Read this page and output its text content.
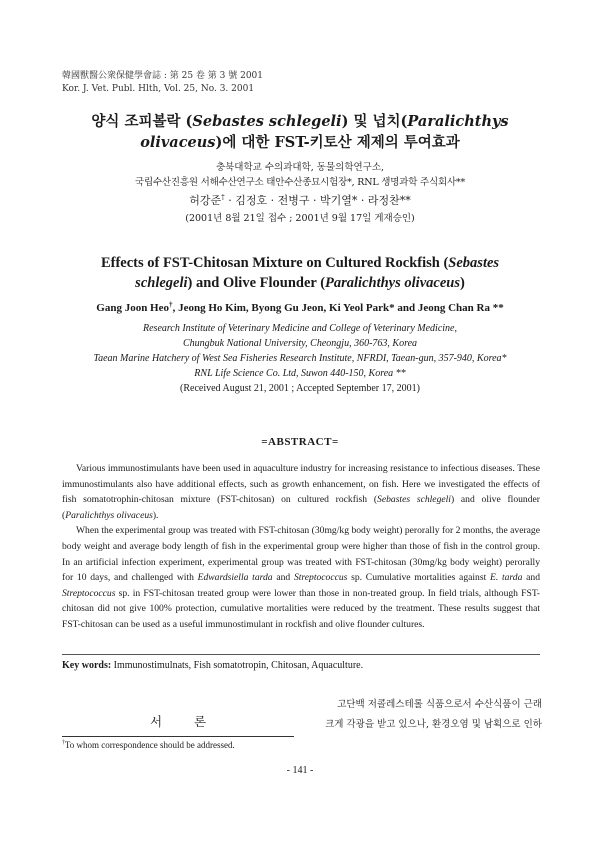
韓國獸醫公衆保健學會誌 : 第 25 卷 第 3 號 2001
Kor. J. Vet. Publ. Hlth, Vol. 25, No. 3. 2001
양식 조피볼락 (Sebastes schlegeli) 및 넙치(Paralichthys
olivaceus)에 대한 FST-키토산 제제의 투여효과
충북대학교 수의과대학, 동물의학연구소,
국립수산진흥원 서해수산연구소 태안수산종묘시험장*, RNL 생명과학 주식회사**
허강준† · 김정호 · 전병구 · 박기열* · 라정찬**
(2001년 8월 21일 접수 ; 2001년 9월 17일 게재승인)
Effects of FST-Chitosan Mixture on Cultured Rockfish (Sebastes
schlegeli) and Olive Flounder (Paralichthys olivaceus)
Gang Joon Heo†, Jeong Ho Kim, Byong Gu Jeon, Ki Yeol Park* and Jeong Chan Ra **
Research Institute of Veterinary Medicine and College of Veterinary Medicine,
Chungbuk National University, Cheongju, 360-763, Korea
Taean Marine Hatchery of West Sea Fisheries Research Institute, NFRDI, Taean-gun, 357-940, Korea*
RNL Life Science Co. Ltd, Suwon 440-150, Korea **
(Received August 21, 2001 ; Accepted September 17, 2001)
=ABSTRACT=

Various immunostimulants have been used in aquaculture industry for increasing resistance to infectious diseases. These immunostimulants also have additional effects, such as growth enhancement, on fish. Here we investigated the effects of fish somatotrophin-chitosan mixture (FST-chitosan) on cultured rockfish (Sebastes schlegeli) and olive flounder (Paralichthys olivaceus).

When the experimental group was treated with FST-chitosan (30mg/kg body weight) perorally for 2 months, the average body weight and average body length of fish in the experimental group were higher than those of fish in the control group. In an artificial infection experiment, experimental group was treated with FST-chitosan (30mg/kg body weight) perorally for 10 days, and challenged with Edwardsiella tarda and Streptococcus sp. Cumulative mortalities against E. tarda and Streptococcus sp. in FST-chitosan treated group were lower than those in non-treated group. In field trials, although FST-chitosan did not give 100% protection, cumulative mortalities were reduced by the treatment. These results suggest that FST-chitosan can be used as a useful immunostimulant in rockfish and olive flounder cultures.

Key words: Immunostimulnats, Fish somatotropin, Chitosan, Aquaculture.
서 론
고단백 저콜레스테롤 식품으로서 수산식품이 근래
크게 각광을 받고 있으나, 환경오염 및 남획으로 인하
†To whom correspondence should be addressed.
- 141 -
